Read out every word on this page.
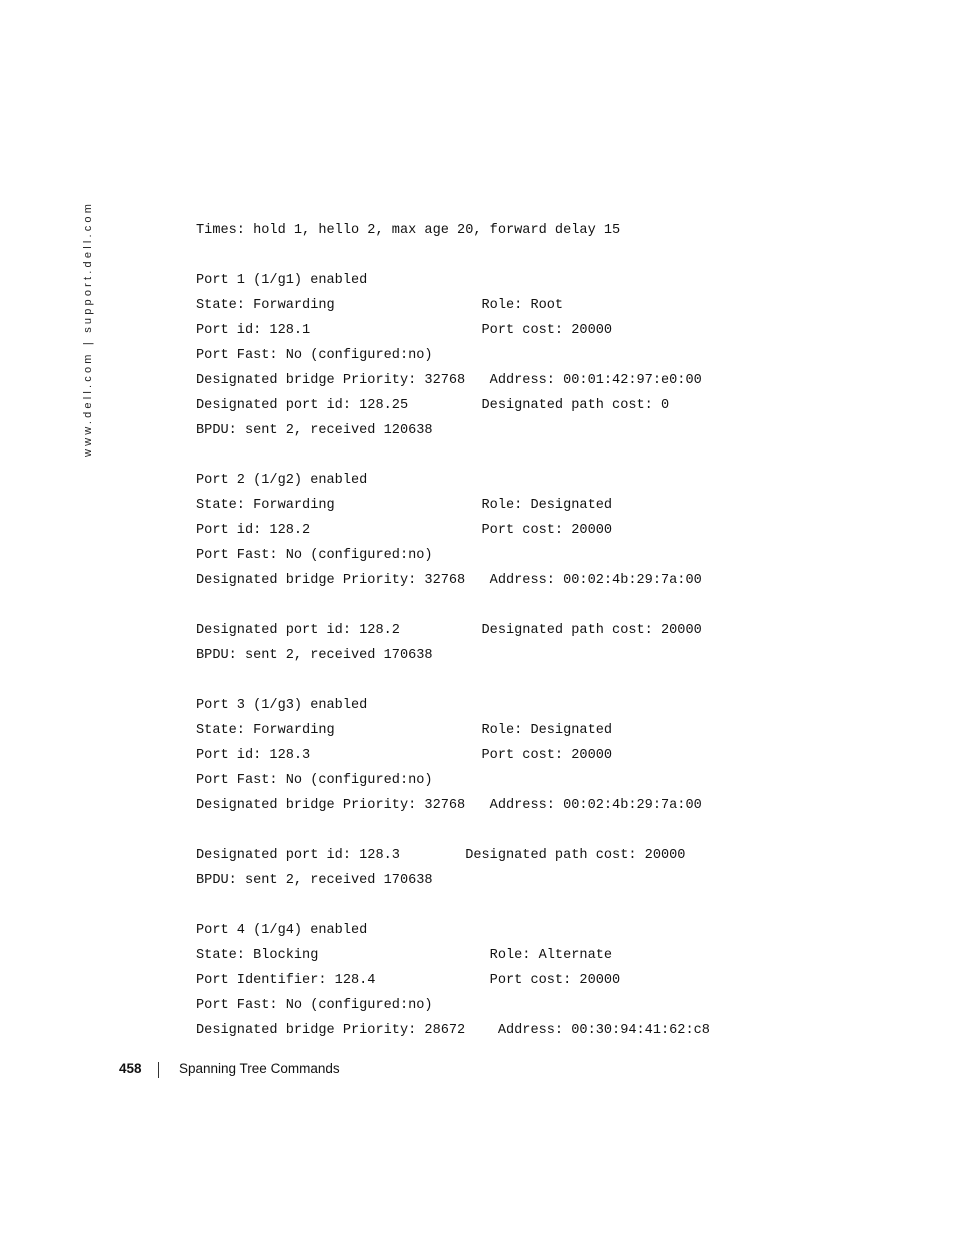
www.dell.com | support.dell.com	Times: hold 1, hello 2, max age 20, forward delay 15
Port 1 (1/g1) enabled
State: Forwarding                  Role: Root
Port id: 128.1                     Port cost: 20000
Port Fast: No (configured:no)
Designated bridge Priority: 32768   Address: 00:01:42:97:e0:00
Designated port id: 128.25         Designated path cost: 0
BPDU: sent 2, received 120638
Port 2 (1/g2) enabled
State: Forwarding                  Role: Designated
Port id: 128.2                     Port cost: 20000
Port Fast: No (configured:no)
Designated bridge Priority: 32768   Address: 00:02:4b:29:7a:00
Designated port id: 128.2          Designated path cost: 20000
BPDU: sent 2, received 170638
Port 3 (1/g3) enabled
State: Forwarding                  Role: Designated
Port id: 128.3                     Port cost: 20000
Port Fast: No (configured:no)
Designated bridge Priority: 32768   Address: 00:02:4b:29:7a:00
Designated port id: 128.3        Designated path cost: 20000
BPDU: sent 2, received 170638
Port 4 (1/g4) enabled
State: Blocking                     Role: Alternate
Port Identifier: 128.4              Port cost: 20000
Port Fast: No (configured:no)
Designated bridge Priority: 28672    Address: 00:30:94:41:62:c8
458	Spanning Tree Commands
